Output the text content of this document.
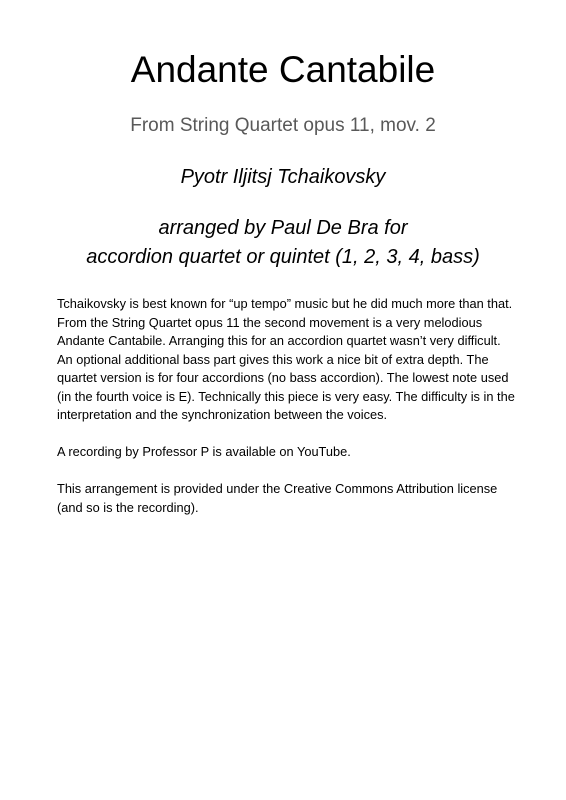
Andante Cantabile
From String Quartet opus 11, mov. 2
Pyotr Iljitsj Tchaikovsky
arranged by Paul De Bra for
accordion quartet or quintet (1, 2, 3, 4, bass)

Tchaikovsky is best known for “up tempo” music but he did much more than that. From the String Quartet opus 11 the second movement is a very melodious Andante Cantabile. Arranging this for an accordion quartet wasn’t very difficult. An optional additional bass part gives this work a nice bit of extra depth. The quartet version is for four accordions (no bass accordion). The lowest note used (in the fourth voice is E). Technically this piece is very easy. The difficulty is in the interpretation and the synchronization between the voices.

A recording by Professor P is available on YouTube.

This arrangement is provided under the Creative Commons Attribution license (and so is the recording).
